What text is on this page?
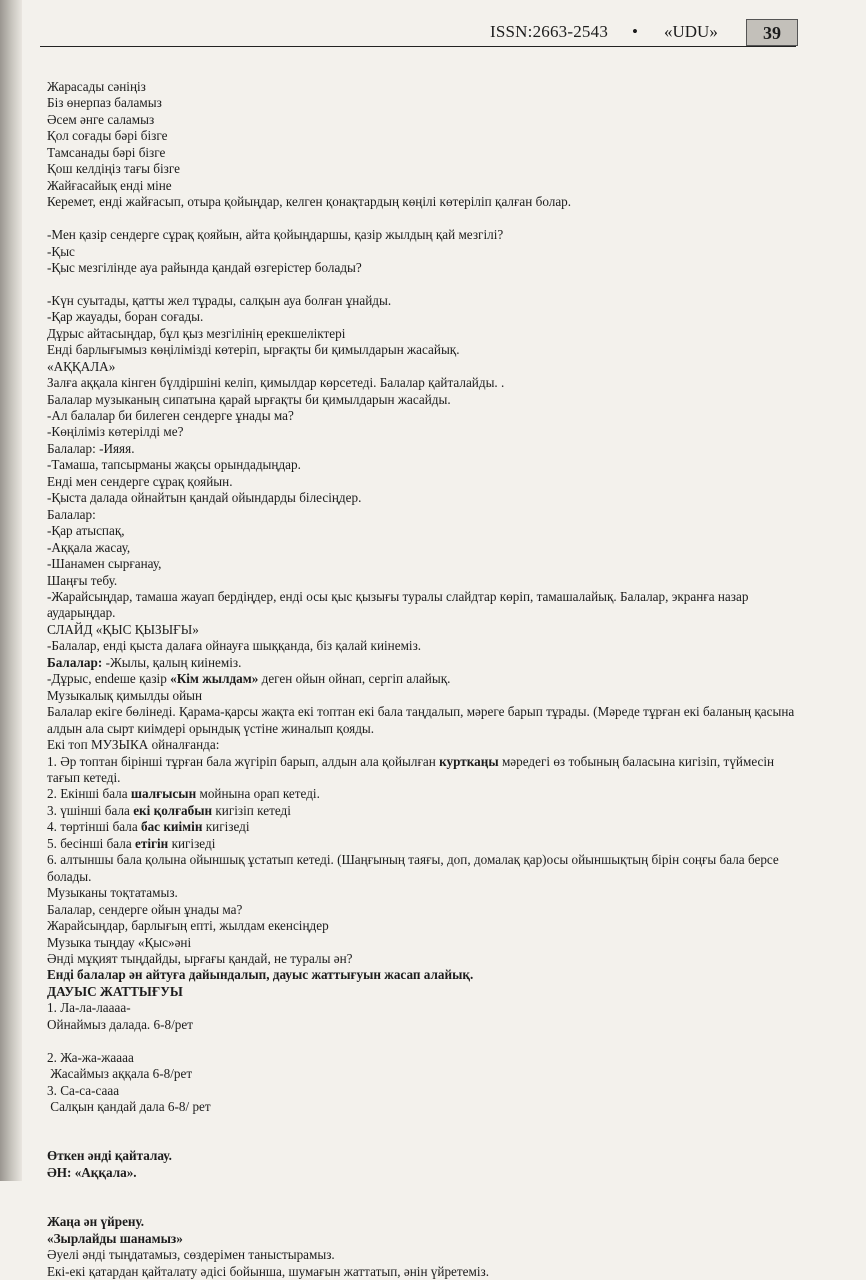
ISSN:2663-2543 • «UDU»	39
Жарасады сәніңіз
Біз өнерпаз баламыз
Әсем әнге саламыз
Қол соғады бәрі бізге
Тамсанады бәрі бізге
Қош келдіңіз тағы бізге
Жайғасайық енді міне
Керемет, енді жайғасып, отыра қойыңдар, келген қонақтардың көңілі көтеріліп қалған болар.
-Мен қазір сендерге сұрақ қояйын, айта қойыңдаршы, қазір жылдың қай мезгілі?
-Қыс
-Қыс мезгілінде ауа райында қандай өзгерістер болады?
-Күн суытады, қатты жел тұрады, салқын ауа болған ұнайды.
-Қар жауады, боран соғады.
Дұрыс айтасыңдар, бұл қыз мезгілінің ерекшеліктері
Енді барлығымыз көңілімізді көтеріп, ырғақты би қимылдарын жасайық.
«АҚҚАЛА»
Залға аққала кінген бүлдіршіні келіп, қимылдар көрсетеді. Балалар қайталайды. .
Балалар музыканың сипатына қарай ырғақты би қимылдарын жасайды.
-Ал балалар би билеген сендерге ұнады ма?
-Көңіліміз көтерілді ме?
Балалар: -Ияяя.
-Тамаша, тапсырманы жақсы орындадыңдар.
Енді мен сендерге сұрақ қояйын.
-Қыста далада ойнайтын қандай ойындарды білесіңдер.
Балалар:
-Қар атыспақ,
-Аққала жасау,
-Шанамен сырғанау,
Шаңғы тебу.
-Жарайсыңдар, тамаша жауап бердіңдер, енді осы қыс қызығы туралы слайдтар көріп, тамашалайық. Балалар, экранға назар аударыңдар.
СЛАЙД «ҚЫС ҚЫЗЫҒЫ»
-Балалар, енді қыста далаға ойнауға шыққанда, біз қалай киінеміз.
Балалар: -Жылы, қалың киінеміз.
-Дұрыс, endеше қазір «Кім жылдам» деген ойын ойнап, сергіп алайық.
Музыкалық қимылды ойын
Балалар екіге бөлінеді. Қарама-қарсы жақта екі топтан екі бала таңдалып, мәреге барып тұрады. (Мәреде тұрған екі баланың қасына алдын ала сырт киімдері орындық үстіне жиналып қояды.
Екі топ МУЗЫКА ойналғанда:
1. Әр топтан бірінші тұрған бала жүгіріп барып, алдын ала қойылған курткаңы мәредегі өз тобының баласына кигізіп, түймесін тағып кетеді.
2. Екінші бала шалғысын мойнына орап кетеді.
3. үшінші бала екі қолғабын кигізіп кетеді
4. төртінші бала бас киімін кигізеді
5. бесінші бала етігін кигізеді
6. алтыншы бала қолына ойыншық ұстатып кетеді. (Шаңғының таяғы, доп, домалақ қар)осы ойыншықтың бірін соңғы бала берсе болады.
Музыканы тоқтатамыз.
Балалар, сендерге ойын ұнады ма?
Жарайсыңдар, барлығың епті, жылдам екенсіңдер
Музыка тыңдау «Қыс»әні
Әнді мұқият тыңдайды, ырғағы қандай, не туралы ән?
Енді балалар ән айтуға дайындалып, дауыс жаттығуын жасап алайық.
ДАУЫС ЖАТТЫҒУЫ
1. Ла-ла-лаааа-
Ойнаймыз далада. 6-8/рет
2. Жа-жа-жаааа
Жасаймыз аққала 6-8/рет
3. Са-са-сааа
Салқын қандай дала 6-8/ рет
Өткен әнді қайталау.
ӘН: «Аққала».
Жаңа ән үйрену.
«Зырлайды шанамыз»
Әуелі әнді тыңдатамыз, сөздерімен таныстырамыз.
Екі-екі қатардан қайталату әдісі бойынша, шумағын жаттатып, әнін үйретеміз.
